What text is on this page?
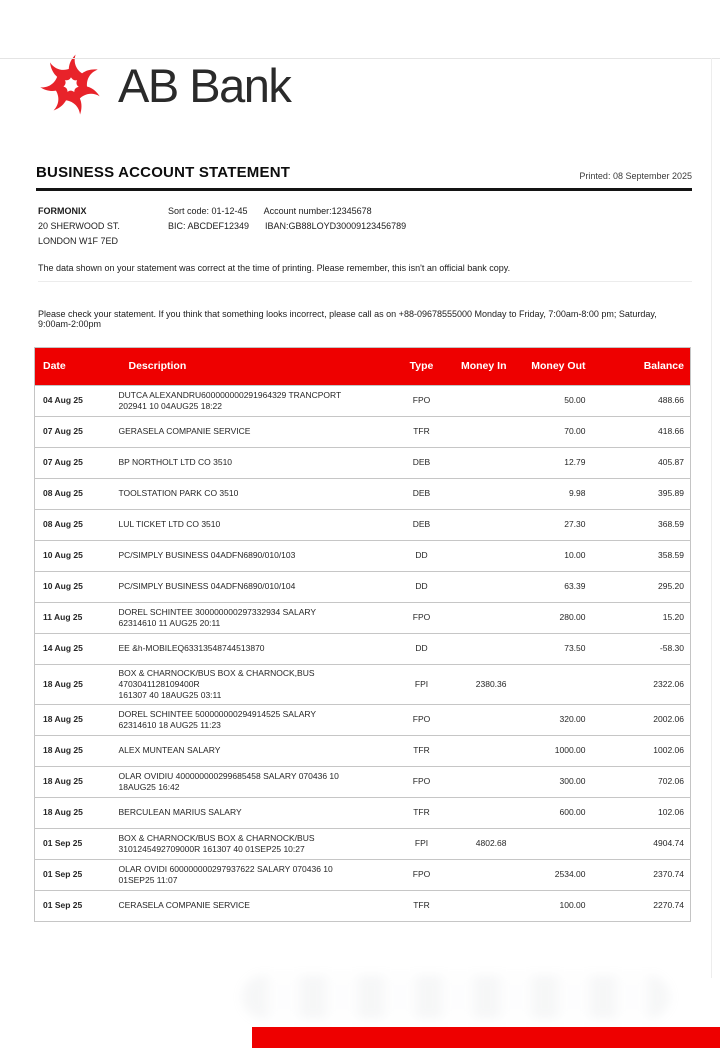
AB Bank
BUSINESS ACCOUNT STATEMENT	Printed: 08 September 2025
FORMONIX
20 SHERWOOD ST.
LONDON W1F 7ED
Sort code: 01-12-45 Account number:12345678
BIC: ABCDEF12349 IBAN:GB88LOYD30009123456789

The data shown on your statement was correct at the time of printing. Please remember, this isn't an official bank copy.

Please check your statement. If you think that something looks incorrect, please call as on +88-09678555000 Monday to Friday, 7:00am-8:00 pm; Saturday, 9:00am-2:00pm

Date	Description	Type	Money In	Money Out	Balance
04 Aug 25	DUTCA ALEXANDRU600000000291964329 TRANCPORT
202941 10 04AUG25 18:22	FPO		50.00	488.66
07 Aug 25	GERASELA COMPANIE SERVICE	TFR		70.00	418.66
07 Aug 25	BP NORTHOLT LTD CO 3510	DEB		12.79	405.87
08 Aug 25	TOOLSTATION PARK CO 3510	DEB		9.98	395.89
08 Aug 25	LUL TICKET LTD CO 3510	DEB		27.30	368.59
10 Aug 25	PC/SIMPLY BUSINESS 04ADFN6890/010/103	DD		10.00	358.59
10 Aug 25	PC/SIMPLY BUSINESS 04ADFN6890/010/104	DD		63.39	295.20
11 Aug 25	DOREL SCHINTEE 300000000297332934 SALARY
62314610 11 AUG25 20:11	FPO		280.00	15.20
14 Aug 25	EE &h-MOBILEQ63313548744513870	DD		73.50	-58.30
18 Aug 25	BOX & CHARNOCK/BUS BOX & CHARNOCK,BUS 4703041128109400R
161307 40 18AUG25 03:11	FPI	2380.36		2322.06
18 Aug 25	DOREL SCHINTEE 500000000294914525 SALARY
62314610 18 AUG25 11:23	FPO		320.00	2002.06
18 Aug 25	ALEX MUNTEAN SALARY	TFR		1000.00	1002.06
18 Aug 25	OLAR OVIDIU 400000000299685458 SALARY 070436 10
18AUG25 16:42	FPO		300.00	702.06
18 Aug 25	BERCULEAN MARIUS SALARY	TFR		600.00	102.06
01 Sep 25	BOX & CHARNOCK/BUS BOX & CHARNOCK/BUS
3101245492709000R 161307 40 01SEP25 10:27	FPI	4802.68		4904.74
01 Sep 25	OLAR OVIDI 600000000297937622 SALARY 070436 10
01SEP25 11:07	FPO		2534.00	2370.74
01 Sep 25	CERASELA COMPANIE SERVICE	TFR		100.00	2270.74
